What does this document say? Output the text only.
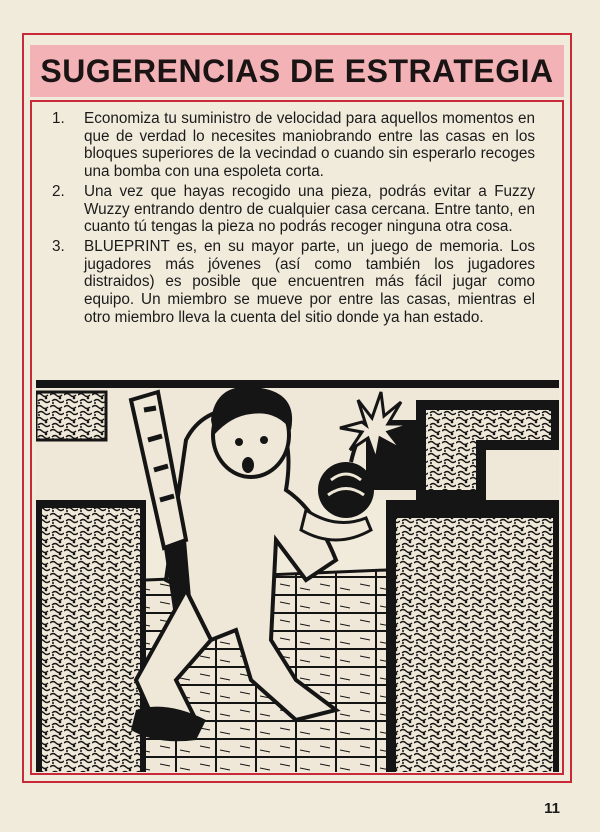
SUGERENCIAS DE ESTRATEGIA
1.	Economiza tu suministro de velocidad para aquellos momentos en que de verdad lo necesites maniobrando entre las casas en los bloques superiores de la vecindad o cuando sin esperarlo recoges una bomba con una espoleta corta.
2.	Una vez que hayas recogido una pieza, podrás evitar a Fuzzy Wuzzy entrando dentro de cualquier casa cercana. Entre tanto, en cuanto tú tengas la pieza no podrás recoger ninguna otra cosa.
3.	BLUEPRINT es, en su mayor parte, un juego de memoria. Los jugadores más jóvenes (así como también los jugadores distraidos) es posible que encuentren más fácil jugar como equipo. Un miembro se mueve por entre las casas, mientras el otro miembro lleva la cuenta del sitio donde ya han estado.
11
